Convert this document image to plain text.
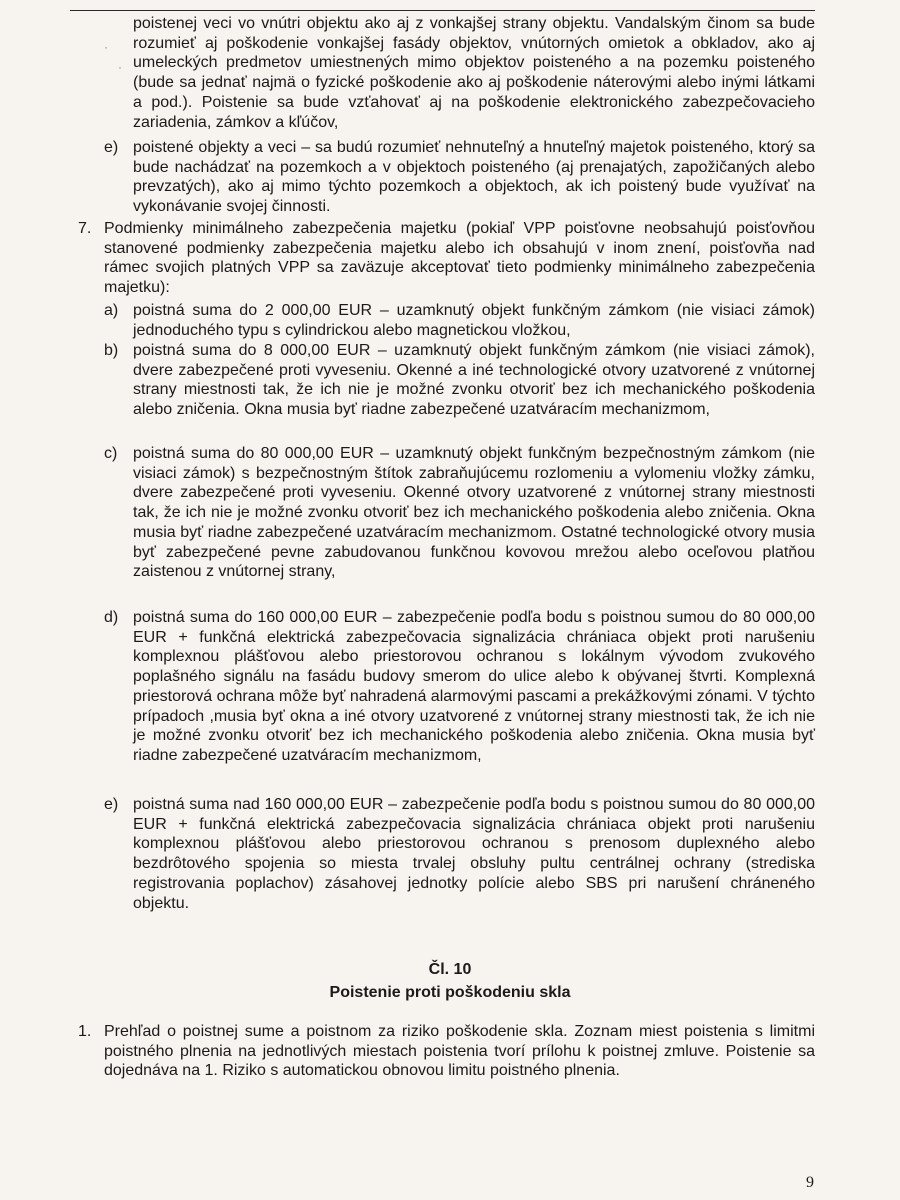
·
·
poistenej veci vo vnútri objektu ako aj z vonkajšej strany objektu. Vandalským činom sa bude rozumieť aj poškodenie vonkajšej fasády objektov, vnútorných omietok a obkladov, ako aj umeleckých predmetov umiestnených mimo objektov poisteného a na pozemku poisteného (bude sa jednať najmä o fyzické poškodenie ako aj poškodenie náterovými alebo inými látkami a pod.). Poistenie sa bude vzťahovať aj na poškodenie elektronického zabezpečovacieho zariadenia, zámkov a kľúčov,
e) poistené objekty a veci – sa budú rozumieť nehnuteľný a hnuteľný majetok poisteného, ktorý sa bude nachádzať na pozemkoch a v objektoch poisteného (aj prenajatých, zapožičaných alebo prevzatých), ako aj mimo týchto pozemkoch a objektoch, ak ich poistený bude využívať na vykonávanie svojej činnosti.
7. Podmienky minimálneho zabezpečenia majetku (pokiaľ VPP poisťovne neobsahujú poisťovňou stanovené podmienky zabezpečenia majetku alebo ich obsahujú v inom znení, poisťovňa nad rámec svojich platných VPP sa zaväzuje akceptovať tieto podmienky minimálneho zabezpečenia majetku):
a) poistná suma do 2 000,00 EUR – uzamknutý objekt funkčným zámkom (nie visiaci zámok) jednoduchého typu s cylindrickou alebo magnetickou vložkou,
b) poistná suma do 8 000,00 EUR – uzamknutý objekt funkčným zámkom (nie visiaci zámok), dvere zabezpečené proti vyveseniu. Okenné a iné technologické otvory uzatvorené z vnútornej strany miestnosti tak, že ich nie je možné zvonku otvoriť bez ich mechanického poškodenia alebo zničenia. Okna musia byť riadne zabezpečené uzatváracím mechanizmom,
c) poistná suma do 80 000,00 EUR – uzamknutý objekt funkčným bezpečnostným zámkom (nie visiaci zámok) s bezpečnostným štítok zabraňujúcemu rozlomeniu a vylomeniu vložky zámku, dvere zabezpečené proti vyveseniu. Okenné otvory uzatvorené z vnútornej strany miestnosti tak, že ich nie je možné zvonku otvoriť bez ich mechanického poškodenia alebo zničenia. Okna musia byť riadne zabezpečené uzatváracím mechanizmom. Ostatné technologické otvory musia byť zabezpečené pevne zabudovanou funkčnou kovovou mrežou alebo oceľovou platňou zaistenou z vnútornej strany,
d) poistná suma do 160 000,00 EUR – zabezpečenie podľa bodu s poistnou sumou do 80 000,00 EUR + funkčná elektrická zabezpečovacia signalizácia chrániaca objekt proti narušeniu komplexnou plášťovou alebo priestorovou ochranou s lokálnym vývodom zvukového poplašného signálu na fasádu budovy smerom do ulice alebo k obývanej štvrti. Komplexná priestorová ochrana môže byť nahradená alarmovými pascami a prekážkovými zónami. V týchto prípadoch ,musia byť okna a iné otvory uzatvorené z vnútornej strany miestnosti tak, že ich nie je možné zvonku otvoriť bez ich mechanického poškodenia alebo zničenia. Okna musia byť riadne zabezpečené uzatváracím mechanizmom,
e) poistná suma nad 160 000,00 EUR – zabezpečenie podľa bodu s poistnou sumou do 80 000,00 EUR + funkčná elektrická zabezpečovacia signalizácia chrániaca objekt proti narušeniu komplexnou plášťovou alebo priestorovou ochranou s prenosom duplexného alebo bezdrôtového spojenia so miesta trvalej obsluhy pultu centrálnej ochrany (strediska registrovania poplachov) zásahovej jednotky polície alebo SBS pri narušení chráneného objektu.
Čl. 10
Poistenie proti poškodeniu skla
1. Prehľad o poistnej sume a poistnom za riziko poškodenie skla. Zoznam miest poistenia s limitmi poistného plnenia na jednotlivých miestach poistenia tvorí prílohu k poistnej zmluve. Poistenie sa dojednáva na 1. Riziko s automatickou obnovou limitu poistného plnenia.
9
